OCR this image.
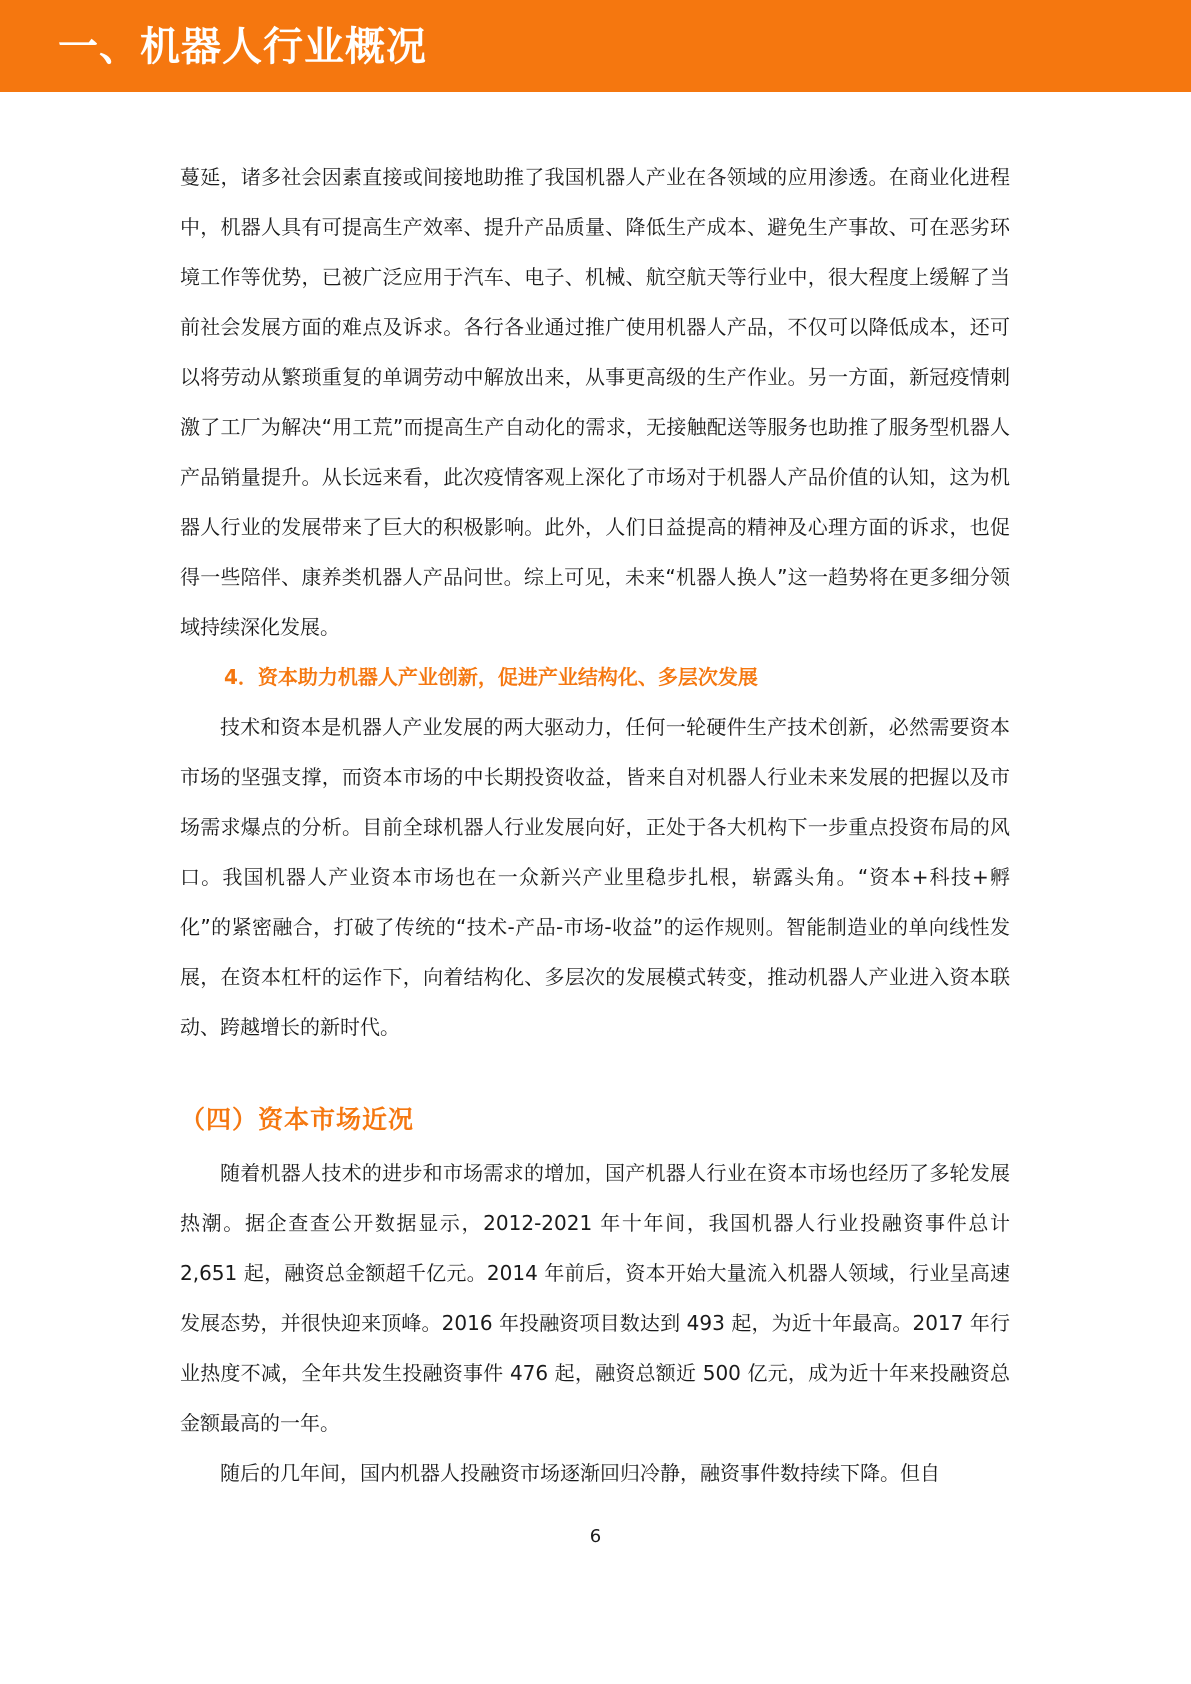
一、机器人行业概况

蔓延，诸多社会因素直接或间接地助推了我国机器人产业在各领域的应用渗透。在商业化进程中，机器人具有可提高生产效率、提升产品质量、降低生产成本、避免生产事故、可在恶劣环境工作等优势，已被广泛应用于汽车、电子、机械、航空航天等行业中，很大程度上缓解了当前社会发展方面的难点及诉求。各行各业通过推广使用机器人产品，不仅可以降低成本，还可以将劳动从繁琐重复的单调劳动中解放出来，从事更高级的生产作业。另一方面，新冠疫情刺激了工厂为解决“用工荒”而提高生产自动化的需求，无接触配送等服务也助推了服务型机器人产品销量提升。从长远来看，此次疫情客观上深化了市场对于机器人产品价值的认知，这为机器人行业的发展带来了巨大的积极影响。此外，人们日益提高的精神及心理方面的诉求，也促得一些陪伴、康养类机器人产品问世。综上可见，未来“机器人换人”这一趋势将在更多细分领域持续深化发展。

4．资本助力机器人产业创新，促进产业结构化、多层次发展

技术和资本是机器人产业发展的两大驱动力，任何一轮硬件生产技术创新，必然需要资本市场的坚强支撑，而资本市场的中长期投资收益，皆来自对机器人行业未来发展的把握以及市场需求爆点的分析。目前全球机器人行业发展向好，正处于各大机构下一步重点投资布局的风口。我国机器人产业资本市场也在一众新兴产业里稳步扎根，崭露头角。“资本+科技+孵化”的紧密融合，打破了传统的“技术-产品-市场-收益”的运作规则。智能制造业的单向线性发展，在资本杠杆的运作下，向着结构化、多层次的发展模式转变，推动机器人产业进入资本联动、跨越增长的新时代。

（四）资本市场近况

随着机器人技术的进步和市场需求的增加，国产机器人行业在资本市场也经历了多轮发展热潮。据企查查公开数据显示，2012-2021 年十年间，我国机器人行业投融资事件总计 2,651 起，融资总金额超千亿元。2014 年前后，资本开始大量流入机器人领域，行业呈高速发展态势，并很快迎来顶峰。2016 年投融资项目数达到 493 起，为近十年最高。2017 年行业热度不减，全年共发生投融资事件 476 起，融资总额近 500 亿元，成为近十年来投融资总金额最高的一年。

随后的几年间，国内机器人投融资市场逐渐回归冷静，融资事件数持续下降。但自

6
